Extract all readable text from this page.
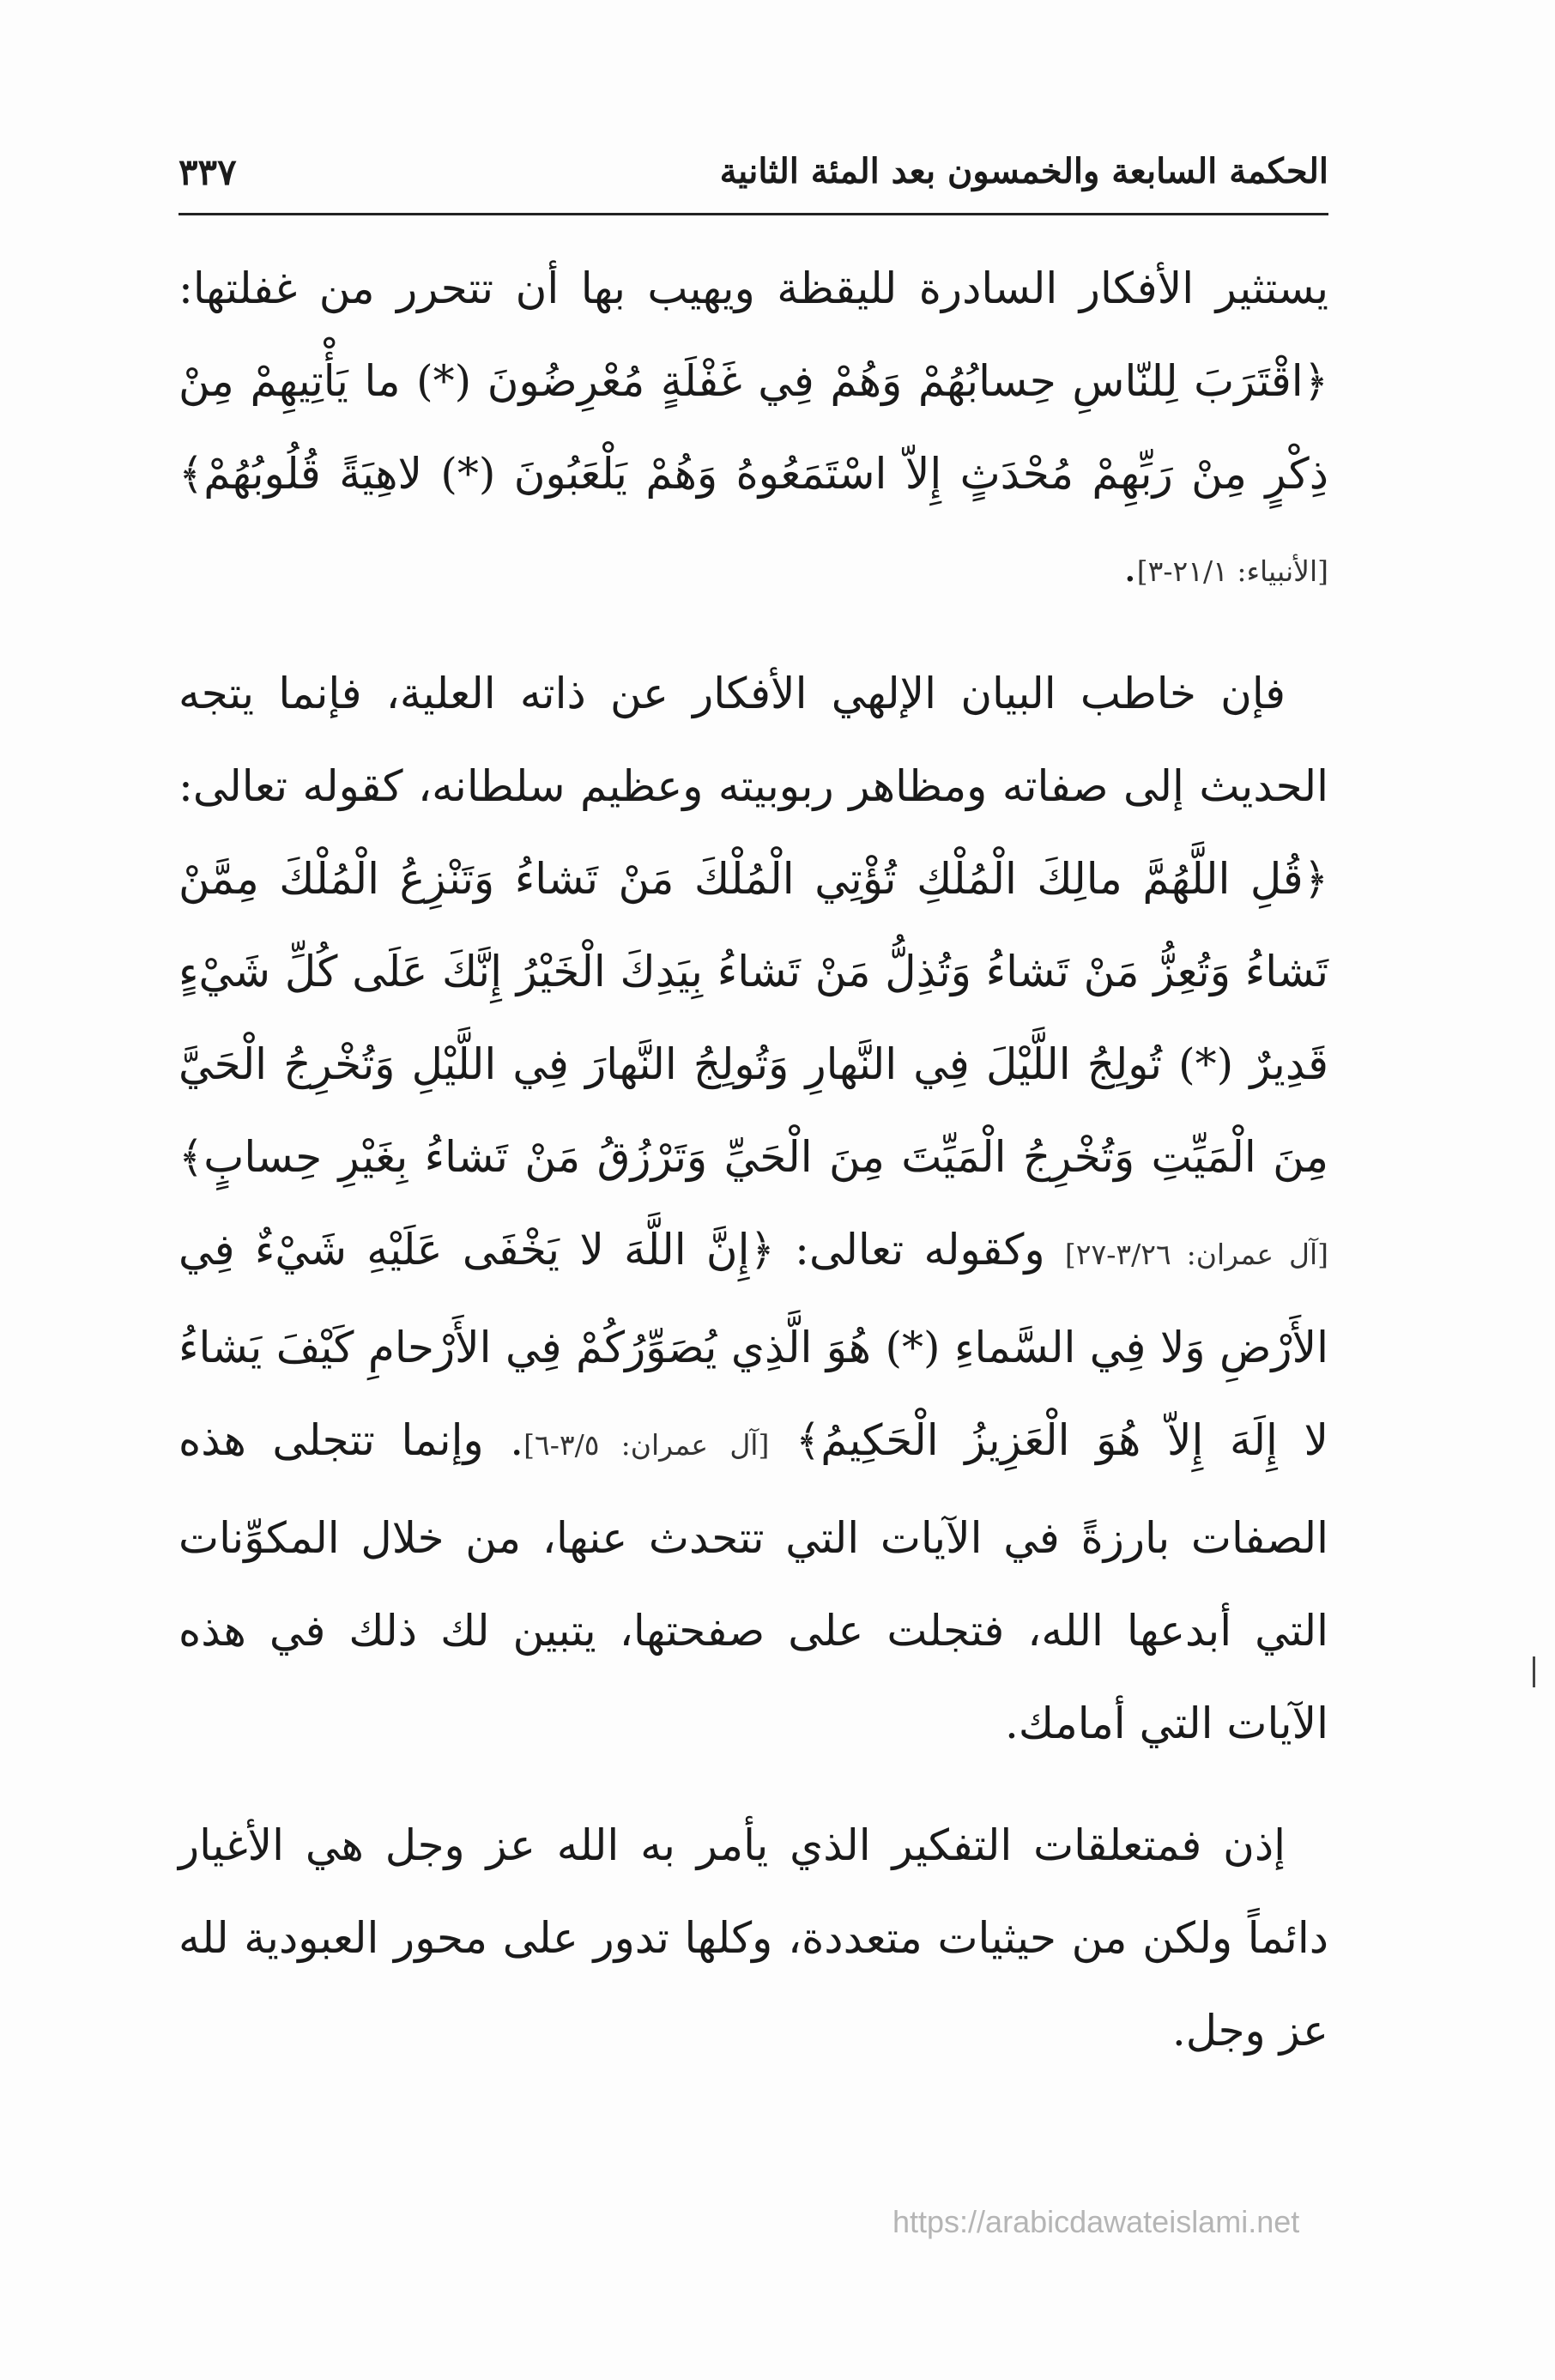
الحكمة السابعة والخمسون بعد المئة الثانية
٣٣٧

يستثير الأفكار السادرة لليقظة ويهيب بها أن تتحرر من غفلتها: ﴿اقْتَرَبَ لِلنّاسِ حِسابُهُمْ وَهُمْ فِي غَفْلَةٍ مُعْرِضُونَ (*) ما يَأْتِيهِمْ مِنْ ذِكْرٍ مِنْ رَبِّهِمْ مُحْدَثٍ إِلاّ اسْتَمَعُوهُ وَهُمْ يَلْعَبُونَ (*) لاهِيَةً قُلُوبُهُمْ﴾[الأنبياء: ٢١/١-٣].

فإن خاطب البيان الإلهي الأفكار عن ذاته العلية، فإنما يتجه الحديث إلى صفاته ومظاهر ربوبيته وعظيم سلطانه، كقوله تعالى: ﴿قُلِ اللَّهُمَّ مالِكَ الْمُلْكِ تُؤْتِي الْمُلْكَ مَنْ تَشاءُ وَتَنْزِعُ الْمُلْكَ مِمَّنْ تَشاءُ وَتُعِزُّ مَنْ تَشاءُ وَتُذِلُّ مَنْ تَشاءُ بِيَدِكَ الْخَيْرُ إِنَّكَ عَلَى كُلِّ شَيْءٍ قَدِيرٌ (*) تُولِجُ اللَّيْلَ فِي النَّهارِ وَتُولِجُ النَّهارَ فِي اللَّيْلِ وَتُخْرِجُ الْحَيَّ مِنَ الْمَيِّتِ وَتُخْرِجُ الْمَيِّتَ مِنَ الْحَيِّ وَتَرْزُقُ مَنْ تَشاءُ بِغَيْرِ حِسابٍ﴾ [آل عمران: ٣/٢٦-٢٧] وكقوله تعالى: ﴿إِنَّ اللَّهَ لا يَخْفَى عَلَيْهِ شَيْءٌ فِي الأَرْضِ وَلا فِي السَّماءِ (*) هُوَ الَّذِي يُصَوِّرُكُمْ فِي الأَرْحامِ كَيْفَ يَشاءُ لا إِلَهَ إِلاّ هُوَ الْعَزِيزُ الْحَكِيمُ﴾ [آل عمران: ٣/٥-٦]. وإنما تتجلى هذه الصفات بارزةً في الآيات التي تتحدث عنها، من خلال المكوِّنات التي أبدعها الله، فتجلت على صفحتها، يتبين لك ذلك في هذه الآيات التي أمامك.

إذن فمتعلقات التفكير الذي يأمر به الله عز وجل هي الأغيار دائماً ولكن من حيثيات متعددة، وكلها تدور على محور العبودية لله عز وجل.

https://arabicdawateislami.net
